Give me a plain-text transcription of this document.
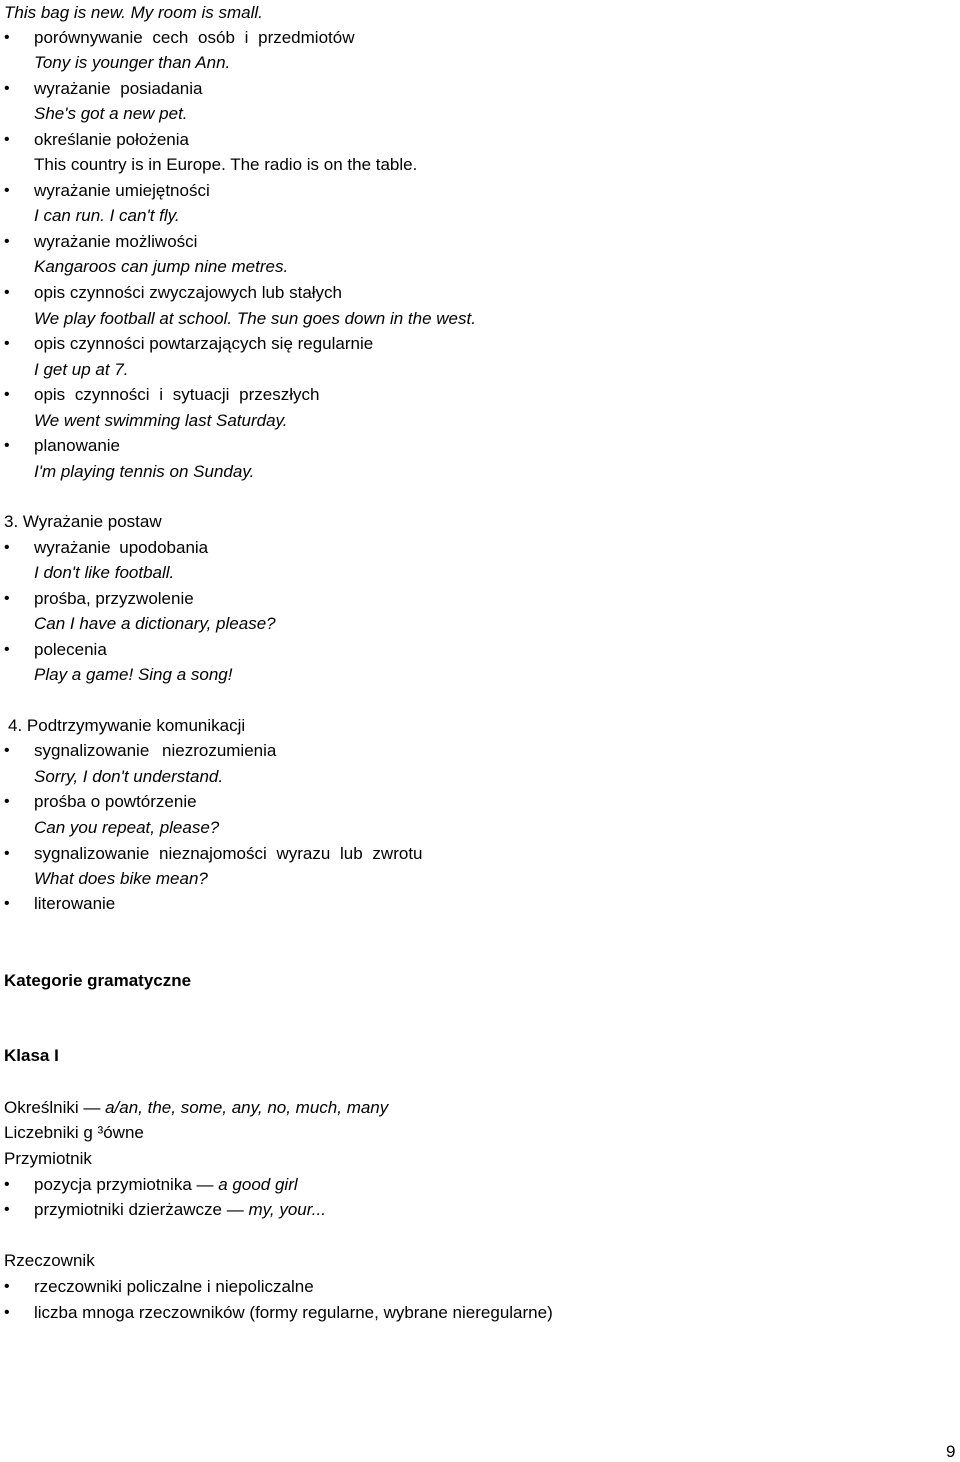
This bag is new. My room is small.
• porównywanie cech osób i przedmiotów
Tony is younger than Ann.
• wyrażanie posiadania
She's got a new pet.
• określanie położenia
This country is in Europe. The radio is on the table.
• wyrażanie umiejętności
I can run. I can't fly.
• wyrażanie możliwości
Kangaroos can jump nine metres.
• opis czynności zwyczajowych lub stałych
We play football at school. The sun goes down in the west.
• opis czynności powtarzających się regularnie
I get up at 7.
• opis czynności i sytuacji przeszłych
We went swimming last Saturday.
• planowanie
I'm playing tennis on Sunday.
3. Wyrażanie postaw
• wyrażanie upodobania
I don't like football.
• prośba, przyzwolenie
Can I have a dictionary, please?
• polecenia
Play a game! Sing a song!
4. Podtrzymywanie komunikacji
• sygnalizowanie niezrozumienia
Sorry, I don't understand.
• prośba o powtórzenie
Can you repeat, please?
• sygnalizowanie nieznajomości wyrazu lub zwrotu
What does bike mean?
• literowanie
Kategorie gramatyczne
Klasa I
Określniki — a/an, the, some, any, no, much, many
Liczebniki g ³ówne
Przymiotnik
• pozycja przymiotnika — a good girl
• przymiotniki dzierżawcze — my, your...
Rzeczownik
• rzeczowniki policzalne i niepoliczalne
• liczba mnoga rzeczowników (formy regularne, wybrane nieregularne)
9
